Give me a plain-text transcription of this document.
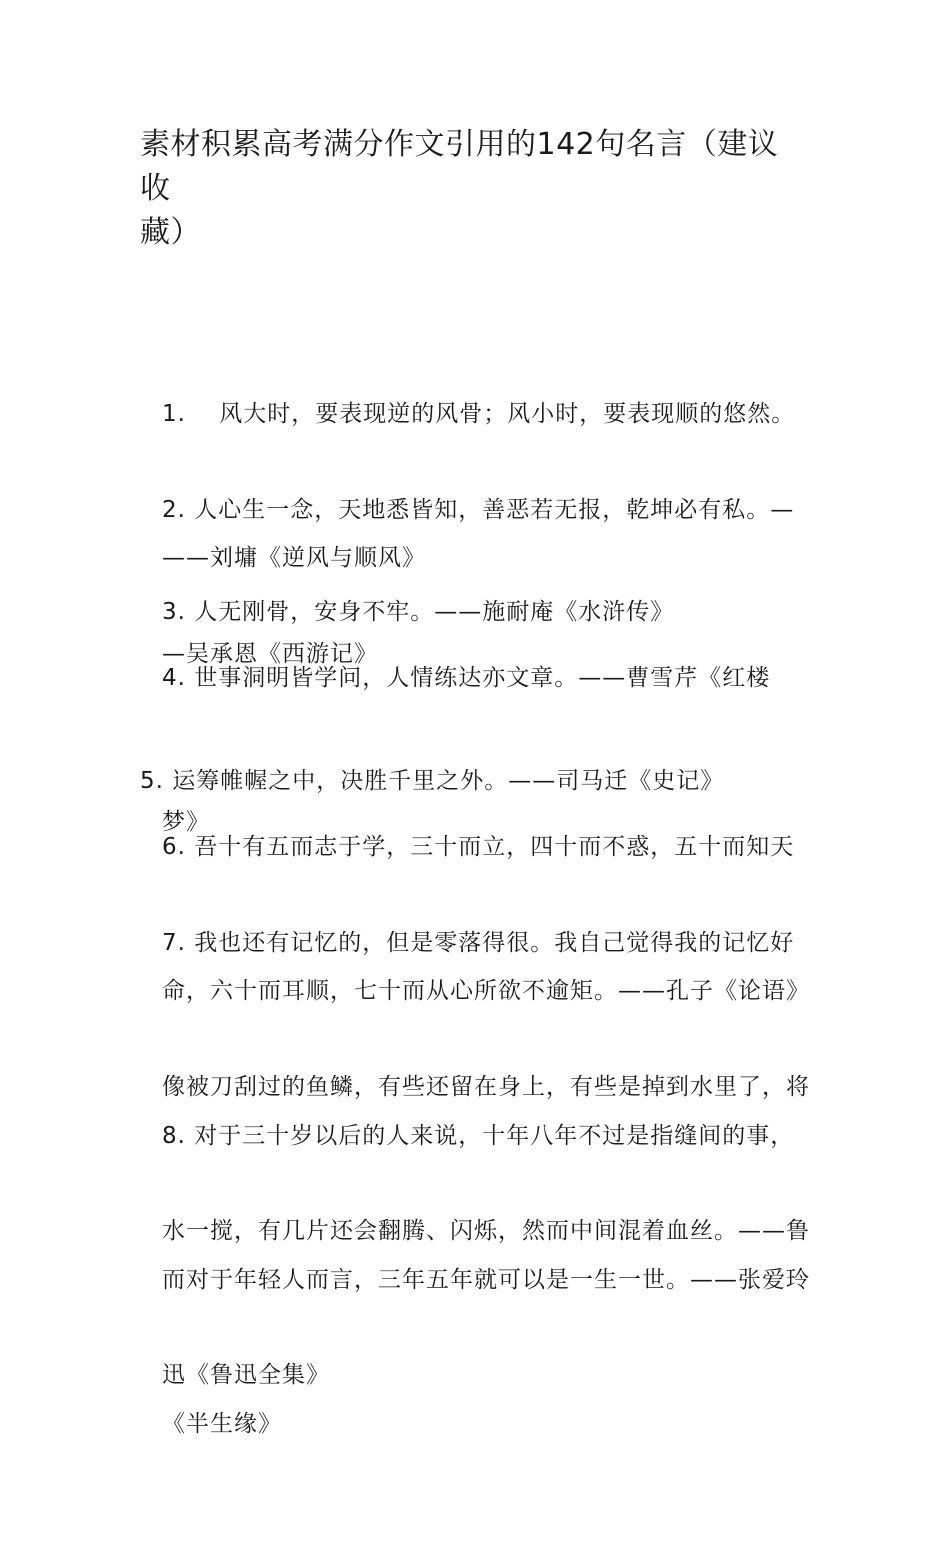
素材积累高考满分作文引用的142句名言（建议收
藏）

1.    风大时，要表现逆的风骨；风小时，要表现顺的悠然。

——刘墉《逆风与顺风》

2. 人心生一念，天地悉皆知，善恶若无报，乾坤必有私。—

—吴承恩《西游记》

3. 人无刚骨，安身不牢。——施耐庵《水浒传》

4. 世事洞明皆学问，人情练达亦文章。——曹雪芹《红楼

梦》

5. 运筹帷幄之中，决胜千里之外。——司马迁《史记》

6. 吾十有五而志于学，三十而立，四十而不惑，五十而知天

命，六十而耳顺，七十而从心所欲不逾矩。——孔子《论语》

7. 我也还有记忆的，但是零落得很。我自己觉得我的记忆好

像被刀刮过的鱼鳞，有些还留在身上，有些是掉到水里了，将

水一搅，有几片还会翻腾、闪烁，然而中间混着血丝。——鲁

迅《鲁迅全集》

8. 对于三十岁以后的人来说，十年八年不过是指缝间的事，

而对于年轻人而言，三年五年就可以是一生一世。——张爱玲

《半生缘》
